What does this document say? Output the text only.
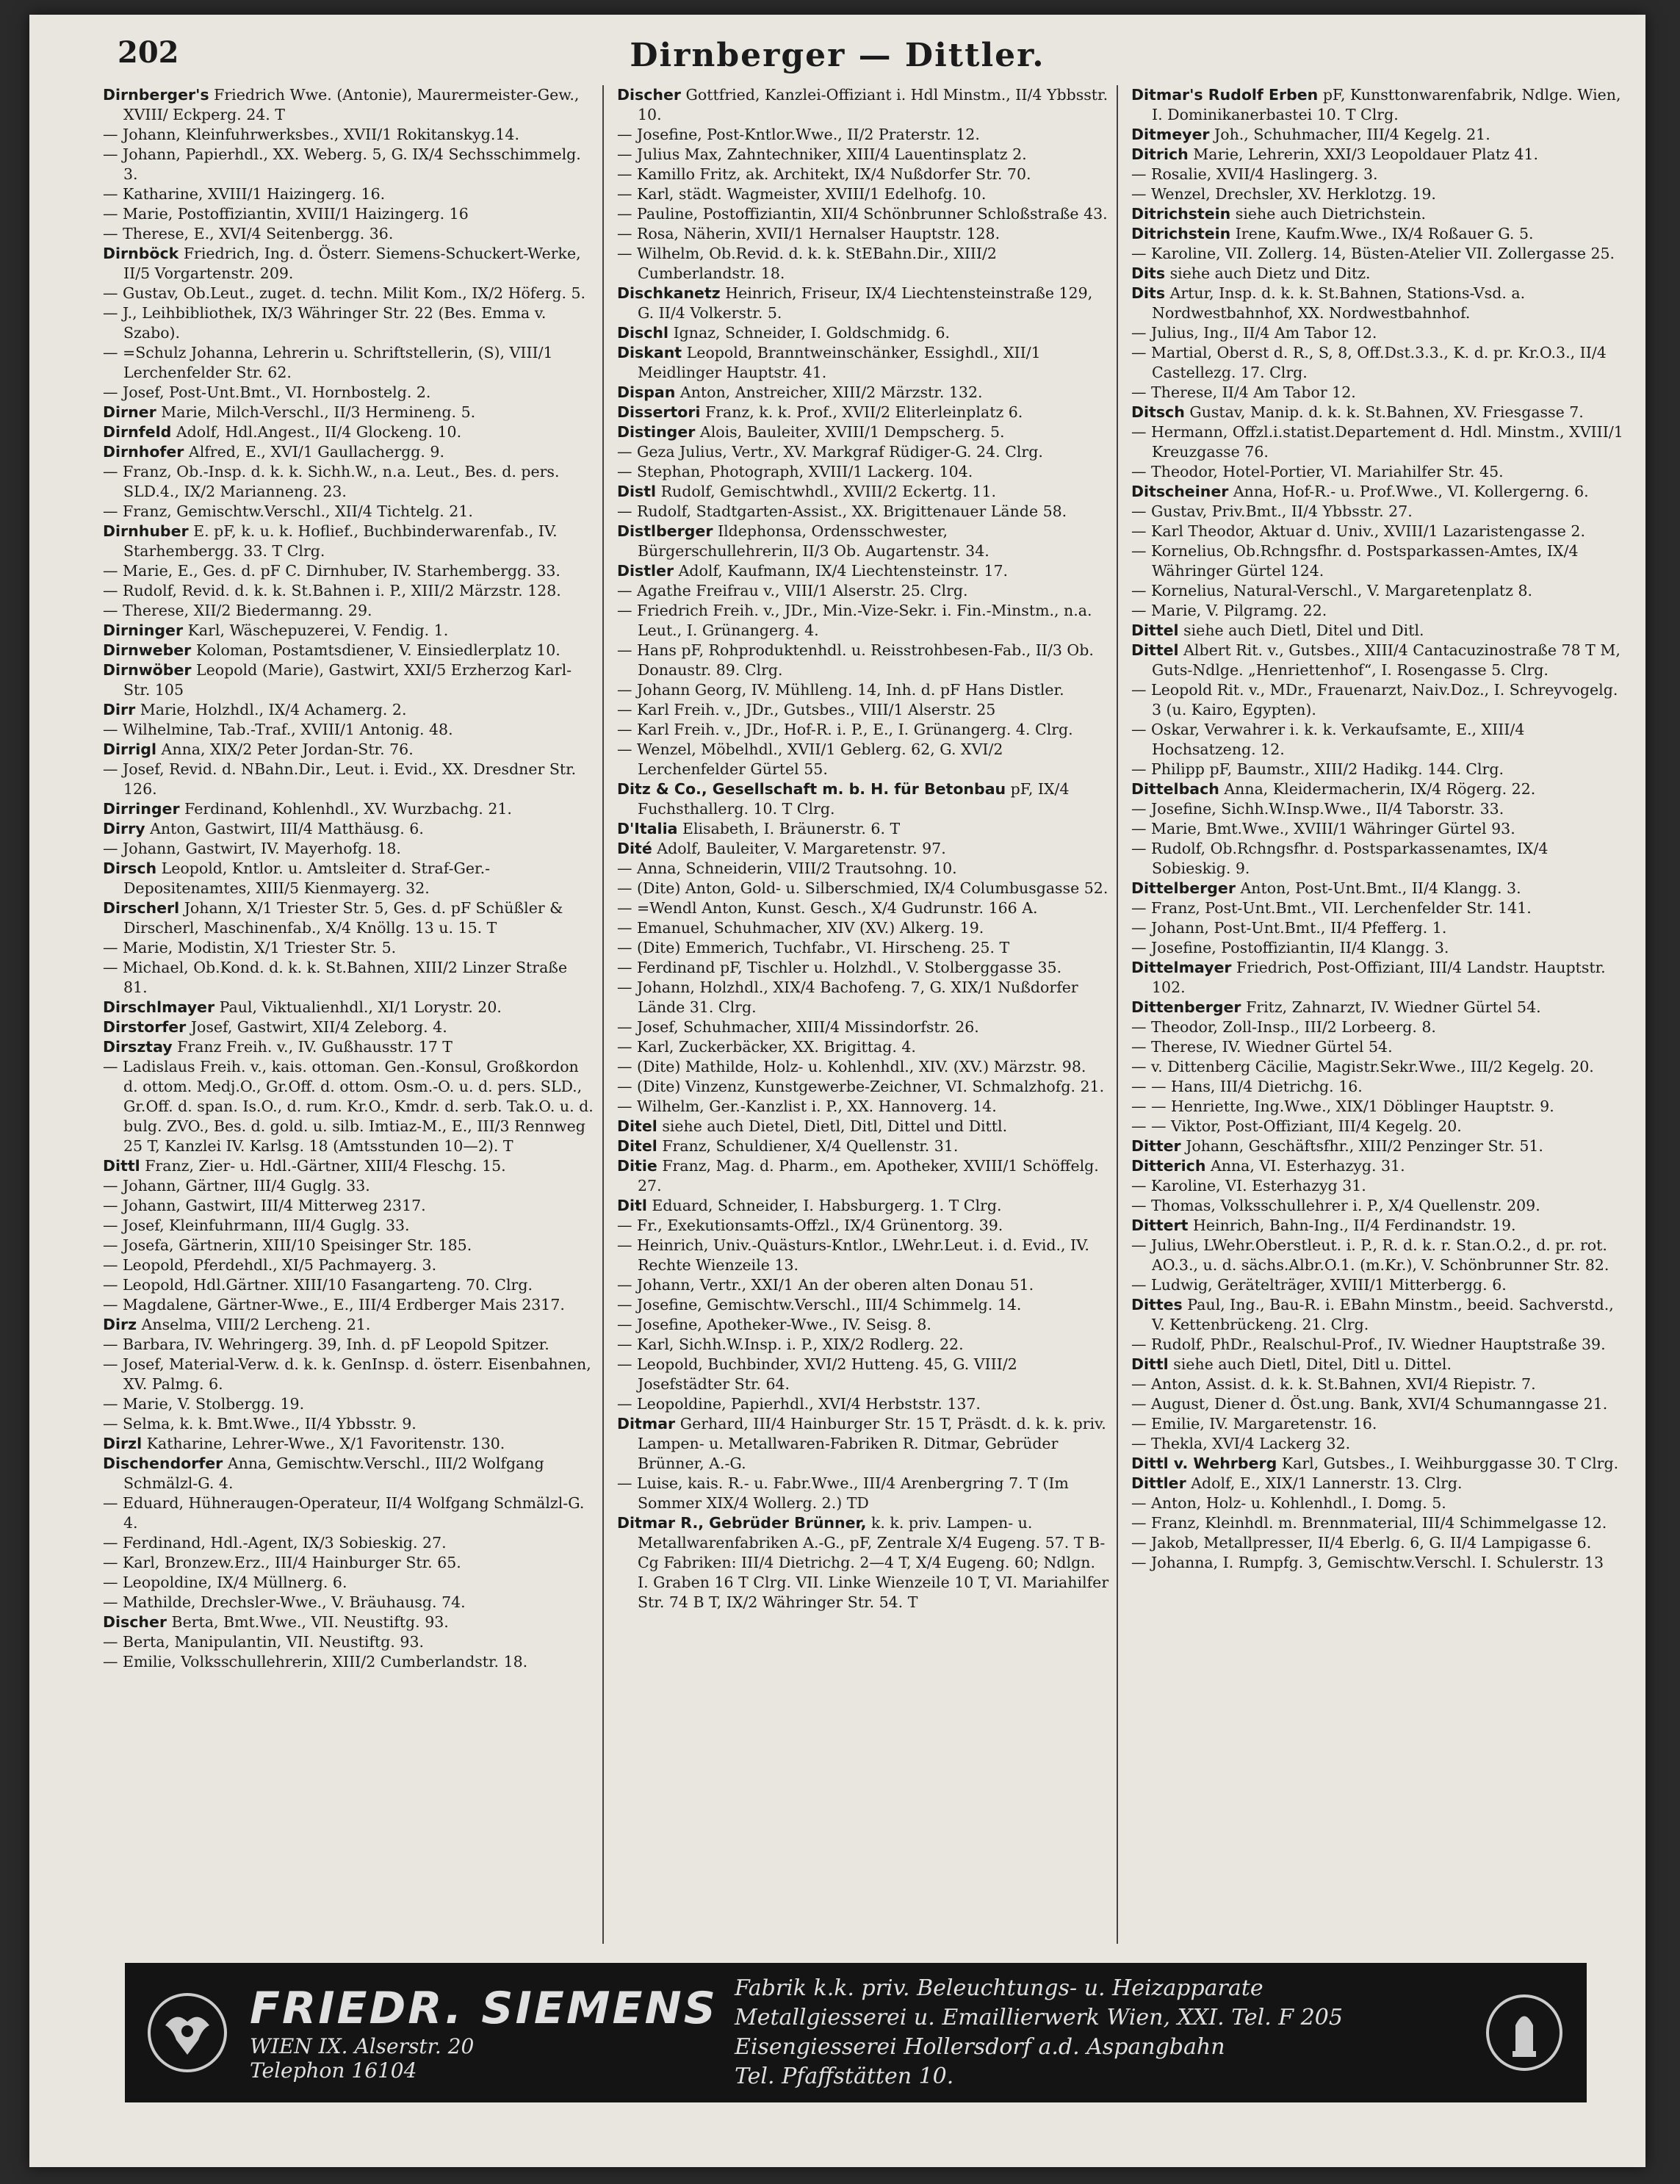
202	Dirnberger — Dittler.

Dirnberger's Friedrich Wwe. (Antonie), Maurermeister-Gew., XVIII/ Eckperg. 24. T

— Johann, Kleinfuhrwerksbes., XVII/1 Rokitanskyg.14.

— Johann, Papierhdl., XX. Weberg. 5, G. IX/4 Sechsschimmelg. 3.

— Katharine, XVIII/1 Haizingerg. 16.

— Marie, Postoffiziantin, XVIII/1 Haizingerg. 16

— Therese, E., XVI/4 Seitenbergg. 36.

Dirnböck Friedrich, Ing. d. Österr. Siemens-Schuckert-Werke, II/5 Vorgartenstr. 209.

— Gustav, Ob.Leut., zuget. d. techn. Milit Kom., IX/2 Höferg. 5.

— J., Leihbibliothek, IX/3 Währinger Str. 22 (Bes. Emma v. Szabo).

— =Schulz Johanna, Lehrerin u. Schriftstellerin, (S), VIII/1 Lerchenfelder Str. 62.

— Josef, Post-Unt.Bmt., VI. Hornbostelg. 2.

Dirner Marie, Milch-Verschl., II/3 Hermineng. 5.

Dirnfeld Adolf, Hdl.Angest., II/4 Glockeng. 10.

Dirnhofer Alfred, E., XVI/1 Gaullachergg. 9.

— Franz, Ob.-Insp. d. k. k. Sichh.W., n.a. Leut., Bes. d. pers. SLD.4., IX/2 Marianneng. 23.

— Franz, Gemischtw.Verschl., XII/4 Tichtelg. 21.

Dirnhuber E. pF, k. u. k. Hoflief., Buchbinderwarenfab., IV. Starhembergg. 33. T Clrg.

— Marie, E., Ges. d. pF C. Dirnhuber, IV. Starhembergg. 33.

— Rudolf, Revid. d. k. k. St.Bahnen i. P., XIII/2 Märzstr. 128.

— Therese, XII/2 Biedermanng. 29.

Dirninger Karl, Wäschepuzerei, V. Fendig. 1.

Dirnweber Koloman, Postamtsdiener, V. Einsiedlerplatz 10.

Dirnwöber Leopold (Marie), Gastwirt, XXI/5 Erzherzog Karl-Str. 105

Dirr Marie, Holzhdl., IX/4 Achamerg. 2.

— Wilhelmine, Tab.-Traf., XVIII/1 Antonig. 48.

Dirrigl Anna, XIX/2 Peter Jordan-Str. 76.

— Josef, Revid. d. NBahn.Dir., Leut. i. Evid., XX. Dresdner Str. 126.

Dirringer Ferdinand, Kohlenhdl., XV. Wurzbachg. 21.

Dirry Anton, Gastwirt, III/4 Matthäusg. 6.

— Johann, Gastwirt, IV. Mayerhofg. 18.

Dirsch Leopold, Kntlor. u. Amtsleiter d. Straf-Ger.-Depositenamtes, XIII/5 Kienmayerg. 32.

Dirscherl Johann, X/1 Triester Str. 5, Ges. d. pF Schüßler & Dirscherl, Maschinenfab., X/4 Knöllg. 13 u. 15. T

— Marie, Modistin, X/1 Triester Str. 5.

— Michael, Ob.Kond. d. k. k. St.Bahnen, XIII/2 Linzer Straße 81.

Dirschlmayer Paul, Viktualienhdl., XI/1 Lorystr. 20.

Dirstorfer Josef, Gastwirt, XII/4 Zeleborg. 4.

Dirsztay Franz Freih. v., IV. Gußhausstr. 17 T

— Ladislaus Freih. v., kais. ottoman. Gen.-Konsul, Großkordon d. ottom. Medj.O., Gr.Off. d. ottom. Osm.-O. u. d. pers. SLD., Gr.Off. d. span. Is.O., d. rum. Kr.O., Kmdr. d. serb. Tak.O. u. d. bulg. ZVO., Bes. d. gold. u. silb. Imtiaz-M., E., III/3 Rennweg 25 T, Kanzlei IV. Karlsg. 18 (Amtsstunden 10—2). T

Dittl Franz, Zier- u. Hdl.-Gärtner, XIII/4 Fleschg. 15.

— Johann, Gärtner, III/4 Guglg. 33.

— Johann, Gastwirt, III/4 Mitterweg 2317.

— Josef, Kleinfuhrmann, III/4 Guglg. 33.

— Josefa, Gärtnerin, XIII/10 Speisinger Str. 185.

— Leopold, Pferdehdl., XI/5 Pachmayerg. 3.

— Leopold, Hdl.Gärtner. XIII/10 Fasangarteng. 70. Clrg.

— Magdalene, Gärtner-Wwe., E., III/4 Erdberger Mais 2317.

Dirz Anselma, VIII/2 Lercheng. 21.

— Barbara, IV. Wehringerg. 39, Inh. d. pF Leopold Spitzer.

— Josef, Material-Verw. d. k. k. GenInsp. d. österr. Eisenbahnen, XV. Palmg. 6.

— Marie, V. Stolbergg. 19.

— Selma, k. k. Bmt.Wwe., II/4 Ybbsstr. 9.

Dirzl Katharine, Lehrer-Wwe., X/1 Favoritenstr. 130.

Dischendorfer Anna, Gemischtw.Verschl., III/2 Wolfgang Schmälzl-G. 4.

— Eduard, Hühneraugen-Operateur, II/4 Wolfgang Schmälzl-G. 4.

— Ferdinand, Hdl.-Agent, IX/3 Sobieskig. 27.

— Karl, Bronzew.Erz., III/4 Hainburger Str. 65.

— Leopoldine, IX/4 Müllnerg. 6.

— Mathilde, Drechsler-Wwe., V. Bräuhausg. 74.

Discher Berta, Bmt.Wwe., VII. Neustiftg. 93.

— Berta, Manipulantin, VII. Neustiftg. 93.

— Emilie, Volksschullehrerin, XIII/2 Cumberlandstr. 18.

Discher Gottfried, Kanzlei-Offiziant i. Hdl Minstm., II/4 Ybbsstr. 10.

— Josefine, Post-Kntlor.Wwe., II/2 Praterstr. 12.

— Julius Max, Zahntechniker, XIII/4 Lauentinsplatz 2.

— Kamillo Fritz, ak. Architekt, IX/4 Nußdorfer Str. 70.

— Karl, städt. Wagmeister, XVIII/1 Edelhofg. 10.

— Pauline, Postoffiziantin, XII/4 Schönbrunner Schloßstraße 43.

— Rosa, Näherin, XVII/1 Hernalser Hauptstr. 128.

— Wilhelm, Ob.Revid. d. k. k. StEBahn.Dir., XIII/2 Cumberlandstr. 18.

Dischkanetz Heinrich, Friseur, IX/4 Liechtensteinstraße 129, G. II/4 Volkerstr. 5.

Dischl Ignaz, Schneider, I. Goldschmidg. 6.

Diskant Leopold, Branntweinschänker, Essighdl., XII/1 Meidlinger Hauptstr. 41.

Dispan Anton, Anstreicher, XIII/2 Märzstr. 132.

Dissertori Franz, k. k. Prof., XVII/2 Eliterleinplatz 6.

Distinger Alois, Bauleiter, XVIII/1 Dempscherg. 5.

— Geza Julius, Vertr., XV. Markgraf Rüdiger-G. 24. Clrg.

— Stephan, Photograph, XVIII/1 Lackerg. 104.

Distl Rudolf, Gemischtwhdl., XVIII/2 Eckertg. 11.

— Rudolf, Stadtgarten-Assist., XX. Brigittenauer Lände 58.

Distlberger Ildephonsa, Ordensschwester, Bürgerschullehrerin, II/3 Ob. Augartenstr. 34.

Distler Adolf, Kaufmann, IX/4 Liechtensteinstr. 17.

— Agathe Freifrau v., VIII/1 Alserstr. 25. Clrg.

— Friedrich Freih. v., JDr., Min.-Vize-Sekr. i. Fin.-Minstm., n.a. Leut., I. Grünangerg. 4.

— Hans pF, Rohproduktenhdl. u. Reisstrohbesen-Fab., II/3 Ob. Donaustr. 89. Clrg.

— Johann Georg, IV. Mühlleng. 14, Inh. d. pF Hans Distler.

— Karl Freih. v., JDr., Gutsbes., VIII/1 Alserstr. 25

— Karl Freih. v., JDr., Hof-R. i. P., E., I. Grünangerg. 4. Clrg.

— Wenzel, Möbelhdl., XVII/1 Geblerg. 62, G. XVI/2 Lerchenfelder Gürtel 55.

Ditz & Co., Gesellschaft m. b. H. für Betonbau pF, IX/4 Fuchsthallerg. 10. T Clrg.

D'Italia Elisabeth, I. Bräunerstr. 6. T

Dité Adolf, Bauleiter, V. Margaretenstr. 97.

— Anna, Schneiderin, VIII/2 Trautsohng. 10.

— (Dite) Anton, Gold- u. Silberschmied, IX/4 Columbusgasse 52.

— =Wendl Anton, Kunst. Gesch., X/4 Gudrunstr. 166 A.

— Emanuel, Schuhmacher, XIV (XV.) Alkerg. 19.

— (Dite) Emmerich, Tuchfabr., VI. Hirscheng. 25. T

— Ferdinand pF, Tischler u. Holzhdl., V. Stolberggasse 35.

— Johann, Holzhdl., XIX/4 Bachofeng. 7, G. XIX/1 Nußdorfer Lände 31. Clrg.

— Josef, Schuhmacher, XIII/4 Missindorfstr. 26.

— Karl, Zuckerbäcker, XX. Brigittag. 4.

— (Dite) Mathilde, Holz- u. Kohlenhdl., XIV. (XV.) Märzstr. 98.

— (Dite) Vinzenz, Kunstgewerbe-Zeichner, VI. Schmalzhofg. 21.

— Wilhelm, Ger.-Kanzlist i. P., XX. Hannoverg. 14.

Ditel siehe auch Dietel, Dietl, Ditl, Dittel und Dittl.

Ditel Franz, Schuldiener, X/4 Quellenstr. 31.

Ditie Franz, Mag. d. Pharm., em. Apotheker, XVIII/1 Schöffelg. 27.

Ditl Eduard, Schneider, I. Habsburgerg. 1. T Clrg.

— Fr., Exekutionsamts-Offzl., IX/4 Grünentorg. 39.

— Heinrich, Univ.-Quästurs-Kntlor., LWehr.Leut. i. d. Evid., IV. Rechte Wienzeile 13.

— Johann, Vertr., XXI/1 An der oberen alten Donau 51.

— Josefine, Gemischtw.Verschl., III/4 Schimmelg. 14.

— Josefine, Apotheker-Wwe., IV. Seisg. 8.

— Karl, Sichh.W.Insp. i. P., XIX/2 Rodlerg. 22.

— Leopold, Buchbinder, XVI/2 Hutteng. 45, G. VIII/2 Josefstädter Str. 64.

— Leopoldine, Papierhdl., XVI/4 Herbststr. 137.

Ditmar Gerhard, III/4 Hainburger Str. 15 T, Präsdt. d. k. k. priv. Lampen- u. Metallwaren-Fabriken R. Ditmar, Gebrüder Brünner, A.-G.

— Luise, kais. R.- u. Fabr.Wwe., III/4 Arenbergring 7. T (Im Sommer XIX/4 Wollerg. 2.) TD

Ditmar R., Gebrüder Brünner, k. k. priv. Lampen- u. Metallwarenfabriken A.-G., pF, Zentrale X/4 Eugeng. 57. T B-Cg Fabriken: III/4 Dietrichg. 2—4 T, X/4 Eugeng. 60; Ndlgn. I. Graben 16 T Clrg. VII. Linke Wienzeile 10 T, VI. Mariahilfer Str. 74 B T, IX/2 Währinger Str. 54. T

Ditmar's Rudolf Erben pF, Kunsttonwarenfabrik, Ndlge. Wien, I. Dominikanerbastei 10. T Clrg.

Ditmeyer Joh., Schuhmacher, III/4 Kegelg. 21.

Ditrich Marie, Lehrerin, XXI/3 Leopoldauer Platz 41.

— Rosalie, XVII/4 Haslingerg. 3.

— Wenzel, Drechsler, XV. Herklotzg. 19.

Ditrichstein siehe auch Dietrichstein.

Ditrichstein Irene, Kaufm.Wwe., IX/4 Roßauer G. 5.

— Karoline, VII. Zollerg. 14, Büsten-Atelier VII. Zollergasse 25.

Dits siehe auch Dietz und Ditz.

Dits Artur, Insp. d. k. k. St.Bahnen, Stations-Vsd. a. Nordwestbahnhof, XX. Nordwestbahnhof.

— Julius, Ing., II/4 Am Tabor 12.

— Martial, Oberst d. R., S, 8, Off.Dst.3.3., K. d. pr. Kr.O.3., II/4 Castellezg. 17. Clrg.

— Therese, II/4 Am Tabor 12.

Ditsch Gustav, Manip. d. k. k. St.Bahnen, XV. Friesgasse 7.

— Hermann, Offzl.i.statist.Departement d. Hdl. Minstm., XVIII/1 Kreuzgasse 76.

— Theodor, Hotel-Portier, VI. Mariahilfer Str. 45.

Ditscheiner Anna, Hof-R.- u. Prof.Wwe., VI. Kollergerng. 6.

— Gustav, Priv.Bmt., II/4 Ybbsstr. 27.

— Karl Theodor, Aktuar d. Univ., XVIII/1 Lazaristengasse 2.

— Kornelius, Ob.Rchngsfhr. d. Postsparkassen-Amtes, IX/4 Währinger Gürtel 124.

— Kornelius, Natural-Verschl., V. Margaretenplatz 8.

— Marie, V. Pilgramg. 22.

Dittel siehe auch Dietl, Ditel und Ditl.

Dittel Albert Rit. v., Gutsbes., XIII/4 Cantacuzinostraße 78 T M, Guts-Ndlge. „Henriettenhof“, I. Rosengasse 5. Clrg.

— Leopold Rit. v., MDr., Frauenarzt, Naiv.Doz., I. Schreyvogelg. 3 (u. Kairo, Egypten).

— Oskar, Verwahrer i. k. k. Verkaufsamte, E., XIII/4 Hochsatzeng. 12.

— Philipp pF, Baumstr., XIII/2 Hadikg. 144. Clrg.

Dittelbach Anna, Kleidermacherin, IX/4 Rögerg. 22.

— Josefine, Sichh.W.Insp.Wwe., II/4 Taborstr. 33.

— Marie, Bmt.Wwe., XVIII/1 Währinger Gürtel 93.

— Rudolf, Ob.Rchngsfhr. d. Postsparkassenamtes, IX/4 Sobieskig. 9.

Dittelberger Anton, Post-Unt.Bmt., II/4 Klangg. 3.

— Franz, Post-Unt.Bmt., VII. Lerchenfelder Str. 141.

— Johann, Post-Unt.Bmt., II/4 Pfefferg. 1.

— Josefine, Postoffiziantin, II/4 Klangg. 3.

Dittelmayer Friedrich, Post-Offiziant, III/4 Landstr. Hauptstr. 102.

Dittenberger Fritz, Zahnarzt, IV. Wiedner Gürtel 54.

— Theodor, Zoll-Insp., III/2 Lorbeerg. 8.

— Therese, IV. Wiedner Gürtel 54.

— v. Dittenberg Cäcilie, Magistr.Sekr.Wwe., III/2 Kegelg. 20.

— — Hans, III/4 Dietrichg. 16.

— — Henriette, Ing.Wwe., XIX/1 Döblinger Hauptstr. 9.

— — Viktor, Post-Offiziant, III/4 Kegelg. 20.

Ditter Johann, Geschäftsfhr., XIII/2 Penzinger Str. 51.

Ditterich Anna, VI. Esterhazyg. 31.

— Karoline, VI. Esterhazyg 31.

— Thomas, Volksschullehrer i. P., X/4 Quellenstr. 209.

Dittert Heinrich, Bahn-Ing., II/4 Ferdinandstr. 19.

— Julius, LWehr.Oberstleut. i. P., R. d. k. r. Stan.O.2., d. pr. rot. AO.3., u. d. sächs.Albr.O.1. (m.Kr.), V. Schönbrunner Str. 82.

— Ludwig, Gerätelträger, XVIII/1 Mitterbergg. 6.

Dittes Paul, Ing., Bau-R. i. EBahn Minstm., beeid. Sachverstd., V. Kettenbrückeng. 21. Clrg.

— Rudolf, PhDr., Realschul-Prof., IV. Wiedner Hauptstraße 39.

Dittl siehe auch Dietl, Ditel, Ditl u. Dittel.

— Anton, Assist. d. k. k. St.Bahnen, XVI/4 Riepistr. 7.

— August, Diener d. Öst.ung. Bank, XVI/4 Schumanngasse 21.

— Emilie, IV. Margaretenstr. 16.

— Thekla, XVI/4 Lackerg 32.

Dittl v. Wehrberg Karl, Gutsbes., I. Weihburggasse 30. T Clrg.

Dittler Adolf, E., XIX/1 Lannerstr. 13. Clrg.

— Anton, Holz- u. Kohlenhdl., I. Domg. 5.

— Franz, Kleinhdl. m. Brennmaterial, III/4 Schimmelgasse 12.

— Jakob, Metallpresser, II/4 Eberlg. 6, G. II/4 Lampigasse 6.

— Johanna, I. Rumpfg. 3, Gemischtw.Verschl. I. Schulerstr. 13

FRIEDR. SIEMENS
WIEN IX. Alserstr. 20
Telephon 16104
Fabrik k.k. priv. Beleuchtungs- u. Heizapparate
Metallgiesserei u. Emaillierwerk Wien, XXI. Tel. F 205
Eisengiesserei Hollersdorf a.d. Aspangbahn
Tel. Pfaffstätten 10.
